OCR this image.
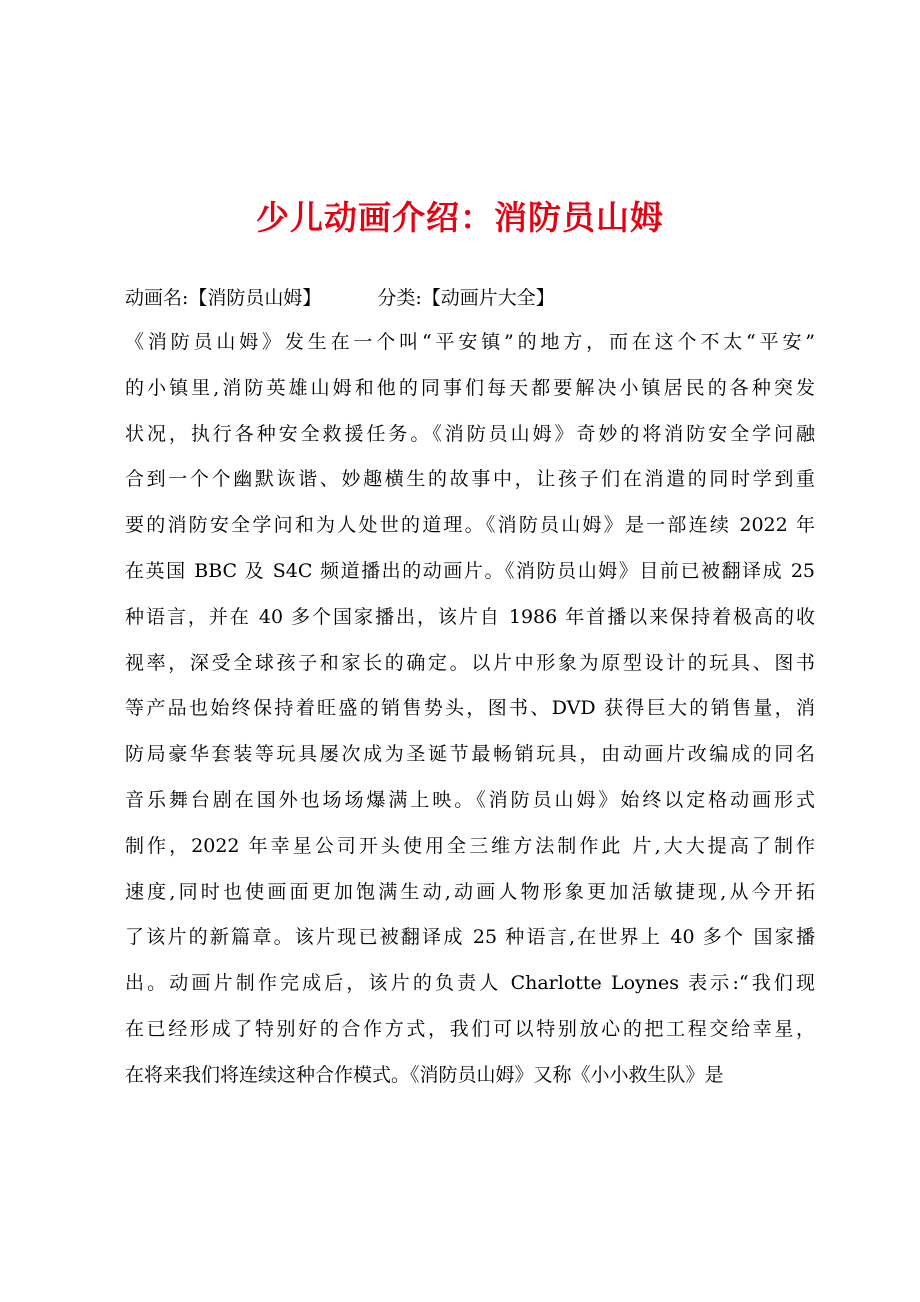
少儿动画介绍：消防员山姆
动画名:【消防员山姆】	分类:【动画片大全】
《消防员山姆》发生在一个叫“平安镇”的地方，而在这个不太“平安”
的小镇里,消防英雄山姆和他的同事们每天都要解决小镇居民的各种突发
状况，执行各种安全救援任务。《消防员山姆》奇妙的将消防安全学问融
合到一个个幽默诙谐、妙趣横生的故事中，让孩子们在消遣的同时学到重
要的消防安全学问和为人处世的道理。《消防员山姆》是一部连续 2022 年
在英国 BBC 及 S4C 频道播出的动画片。《消防员山姆》目前已被翻译成 25
种语言，并在 40 多个国家播出，该片自 1986 年首播以来保持着极高的收
视率，深受全球孩子和家长的确定。以片中形象为原型设计的玩具、图书
等产品也始终保持着旺盛的销售势头，图书、DVD 获得巨大的销售量，消
防局豪华套装等玩具屡次成为圣诞节最畅销玩具，由动画片改编成的同名
音乐舞台剧在国外也场场爆满上映。《消防员山姆》始终以定格动画形式
制作，2022 年幸星公司开头使用全三维方法制作此 片,大大提高了制作
速度,同时也使画面更加饱满生动,动画人物形象更加活敏捷现,从今开拓
了该片的新篇章。该片现已被翻译成 25 种语言,在世界上 40 多个 国家播
出。动画片制作完成后，该片的负责人 Charlotte Loynes 表示:“我们现
在已经形成了特别好的合作方式，我们可以特别放心的把工程交给幸星，
在将来我们将连续这种合作模式。《消防员山姆》又称《小小救生队》是
